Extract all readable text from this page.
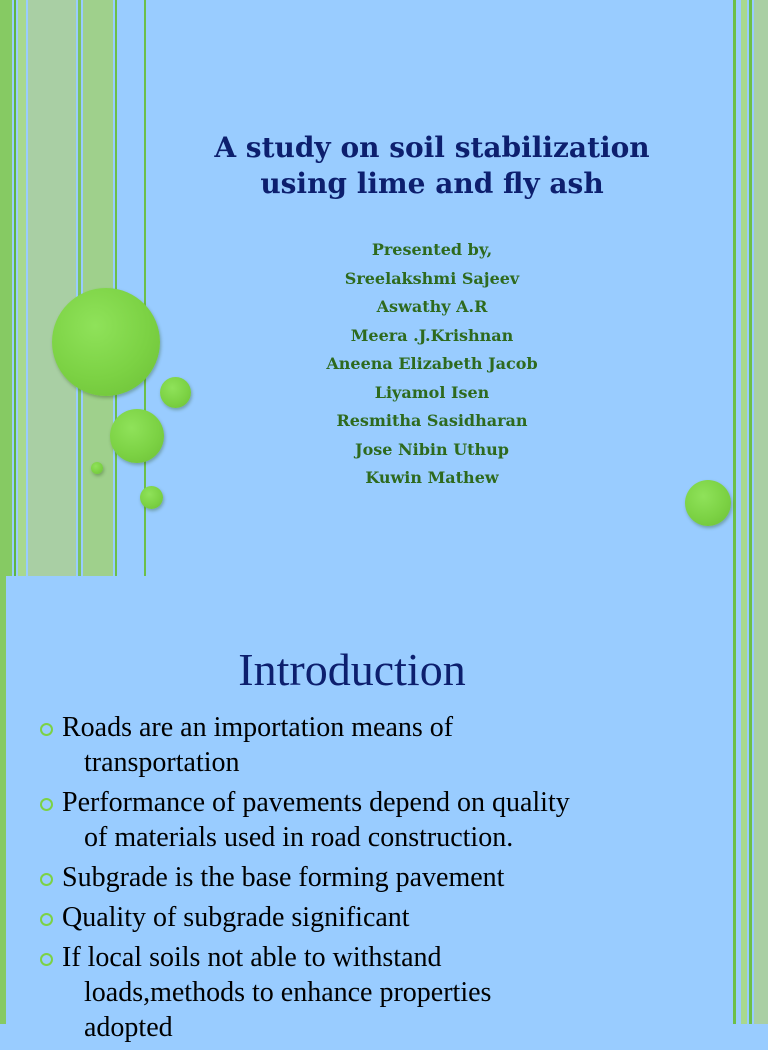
A study on soil stabilization
using lime and fly ash
Presented by,
Sreelakshmi Sajeev
Aswathy A.R
Meera .J.Krishnan
Aneena Elizabeth Jacob
Liyamol Isen
Resmitha Sasidharan
Jose Nibin Uthup
Kuwin Mathew
Introduction
Roads are an importation means of
transportation
Performance of pavements depend on quality
of materials used in road construction.
Subgrade is the base forming pavement
Quality of subgrade significant
If local soils not able to withstand
loads,methods to enhance properties
adopted
